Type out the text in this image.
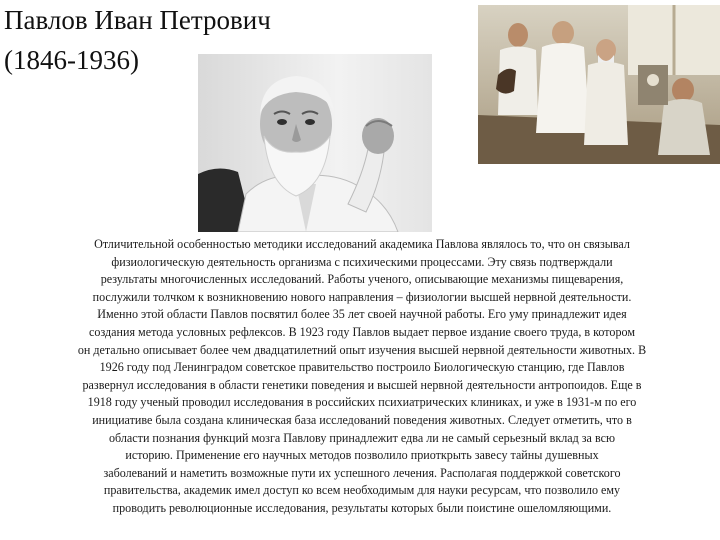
Павлов Иван Петрович
(1846-1936)
Отличительной особенностью методики исследований академика Павлова являлось то, что он связывал
физиологическую деятельность организма с психическими процессами. Эту связь подтверждали
результаты многочисленных исследований. Работы ученого, описывающие механизмы пищеварения,
послужили толчком к возникновению нового направления – физиологии высшей нервной деятельности.
Именно этой области Павлов посвятил более 35 лет своей научной работы. Его уму принадлежит идея
создания метода условных рефлексов. В 1923 году Павлов выдает первое издание своего труда, в котором
он детально описывает более чем двадцатилетний опыт изучения высшей нервной деятельности животных. В
1926 году под Ленинградом советское правительство построило Биологическую станцию, где Павлов
развернул исследования в области генетики поведения и высшей нервной деятельности антропоидов. Еще в
1918 году ученый проводил исследования в российских психиатрических клиниках, и уже в 1931-м по его
инициативе была создана клиническая база исследований поведения животных. Следует отметить, что в
области познания функций мозга Павлову принадлежит едва ли не самый серьезный вклад за всю
историю. Применение его научных методов позволило приоткрыть завесу тайны душевных
заболеваний и наметить возможные пути их успешного лечения. Располагая поддержкой советского
правительства, академик имел доступ ко всем необходимым для науки ресурсам, что позволило ему
проводить революционные исследования, результаты которых были поистине ошеломляющими.
